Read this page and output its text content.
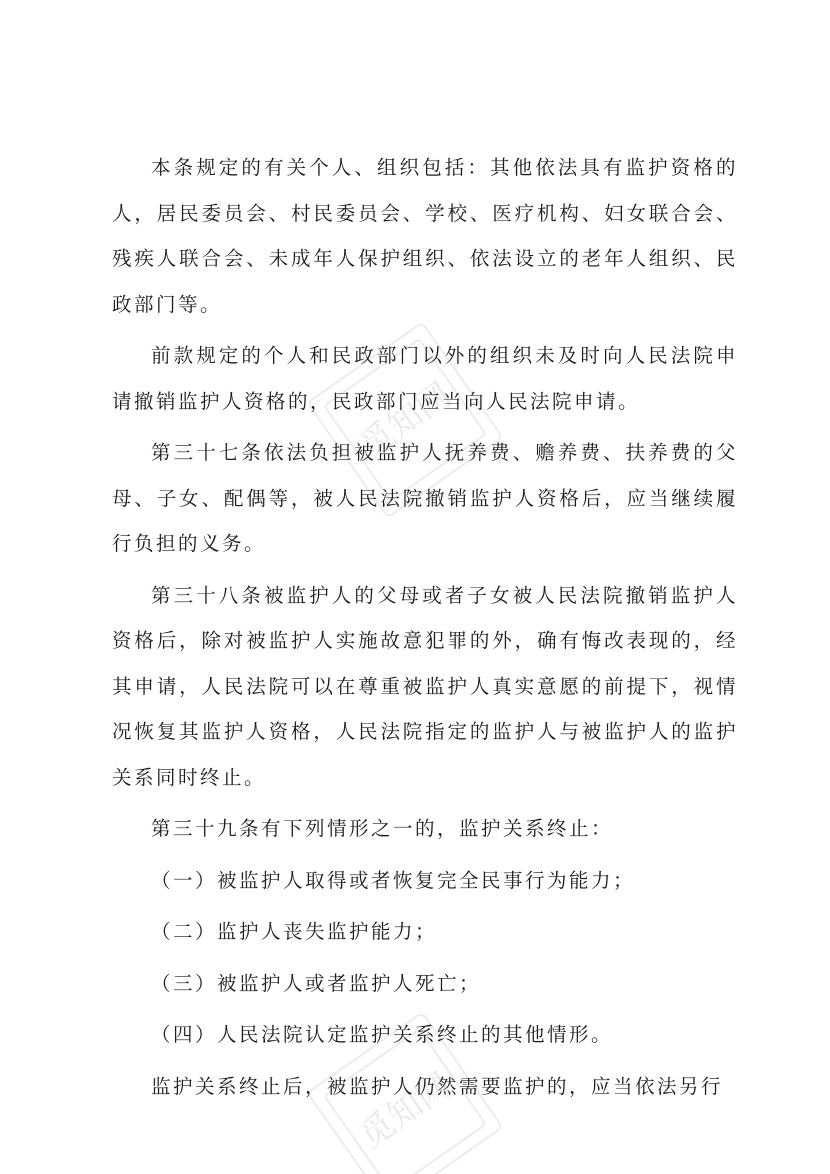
觅知网
觅知网

本条规定的有关个人、组织包括：其他依法具有监护资格的人，居民委员会、村民委员会、学校、医疗机构、妇女联合会、残疾人联合会、未成年人保护组织、依法设立的老年人组织、民政部门等。

前款规定的个人和民政部门以外的组织未及时向人民法院申请撤销监护人资格的，民政部门应当向人民法院申请。

第三十七条依法负担被监护人抚养费、赡养费、扶养费的父母、子女、配偶等，被人民法院撤销监护人资格后，应当继续履行负担的义务。

第三十八条被监护人的父母或者子女被人民法院撤销监护人资格后，除对被监护人实施故意犯罪的外，确有悔改表现的，经其申请，人民法院可以在尊重被监护人真实意愿的前提下，视情况恢复其监护人资格，人民法院指定的监护人与被监护人的监护关系同时终止。

第三十九条有下列情形之一的，监护关系终止：

（一）被监护人取得或者恢复完全民事行为能力；

（二）监护人丧失监护能力；

（三）被监护人或者监护人死亡；

（四）人民法院认定监护关系终止的其他情形。

监护关系终止后，被监护人仍然需要监护的，应当依法另行
